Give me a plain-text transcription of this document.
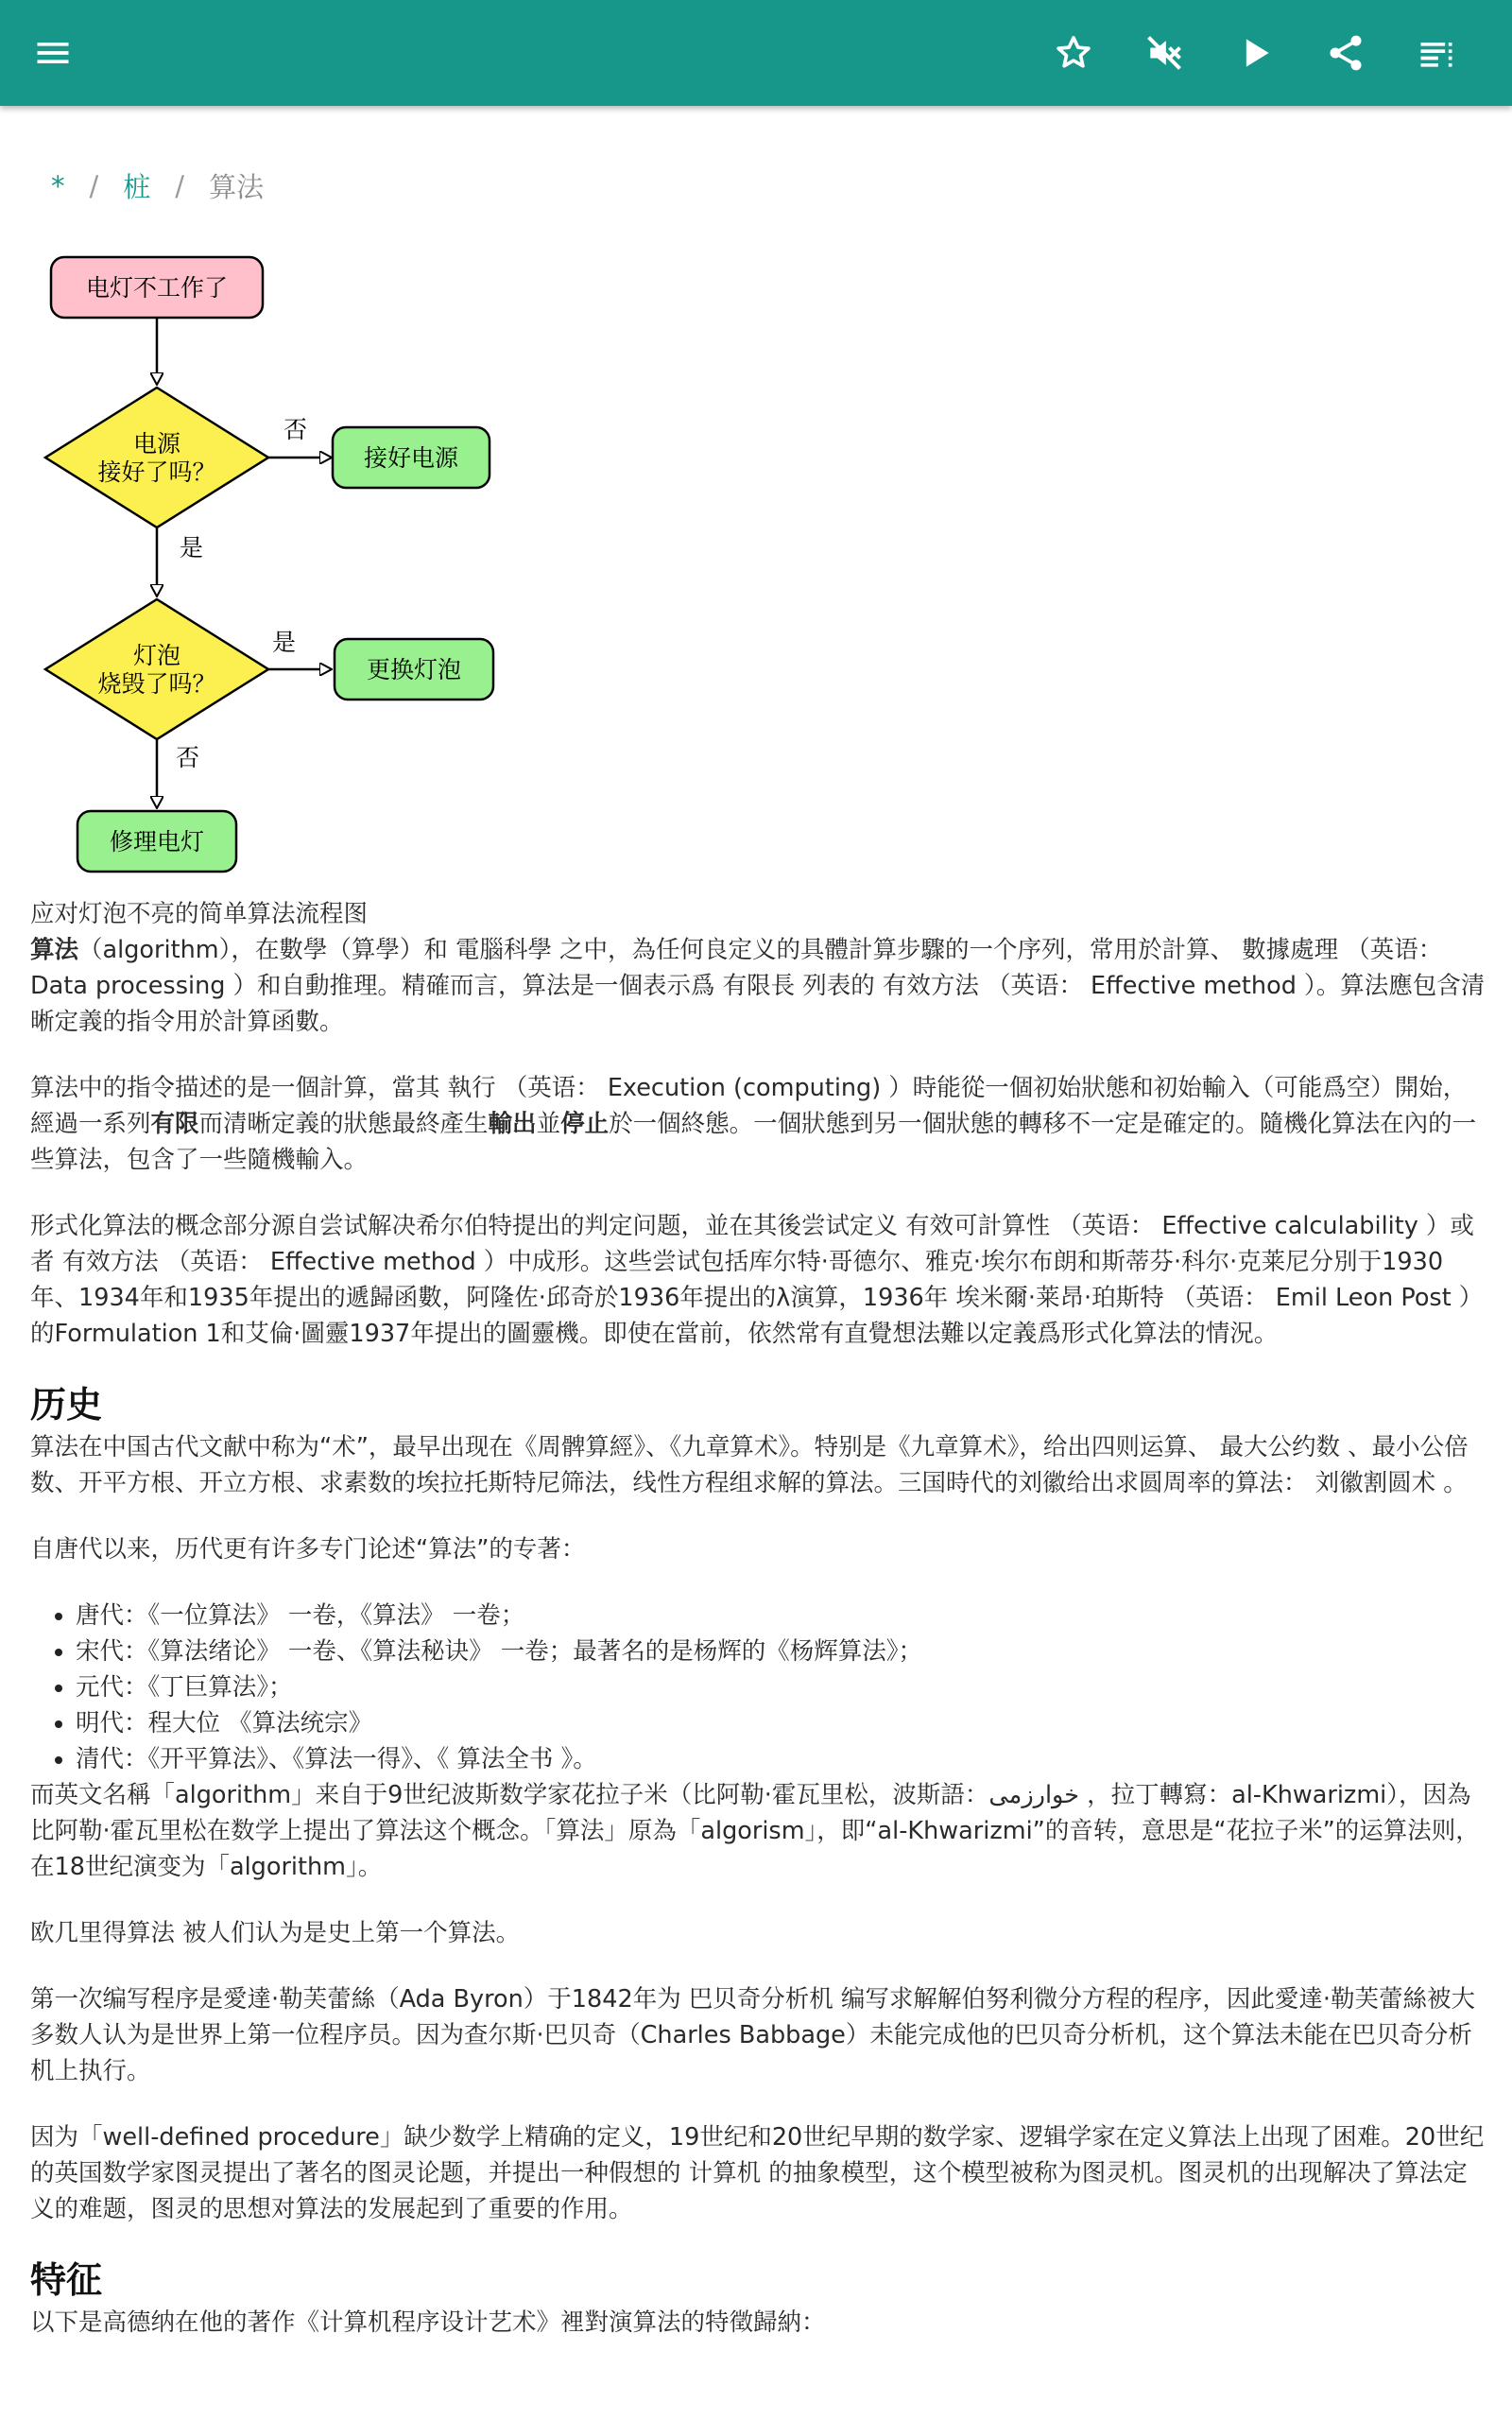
* / 桩 / 算法
电灯不工作了
电源
接好了吗？
否
接好电源
是
灯泡
烧毁了吗？
是
更换灯泡
否
修理电灯

应对灯泡不亮的简单算法流程图

算法（algorithm），在數學（算學）和 電腦科學 之中，為任何良定义的具體計算步驟的一个序列，常用於計算、 數據處理 （英语： Data processing ）和自動推理。精確而言，算法是一個表示爲 有限長 列表的 有效方法 （英语： Effective method ）。算法應包含清晰定義的指令用於計算函數。

算法中的指令描述的是一個計算，當其 執行 （英语： Execution (computing) ）時能從一個初始狀態和初始輸入（可能爲空）開始，經過一系列有限而清晰定義的狀態最終產生輸出並停止於一個終態。一個狀態到另一個狀態的轉移不一定是確定的。隨機化算法在內的一些算法，包含了一些隨機輸入。

形式化算法的概念部分源自尝试解决希尔伯特提出的判定问题，並在其後尝试定义 有效可計算性 （英语： Effective calculability ）或者 有效方法 （英语： Effective method ）中成形。这些尝试包括库尔特·哥德尔、雅克·埃尔布朗和斯蒂芬·科尔·克莱尼分別于1930年、1934年和1935年提出的遞歸函數，阿隆佐·邱奇於1936年提出的λ演算，1936年 埃米爾·莱昂·珀斯特 （英语： Emil Leon Post ）的Formulation 1和艾倫·圖靈1937年提出的圖靈機。即使在當前，依然常有直覺想法難以定義爲形式化算法的情況。

历史

算法在中国古代文献中称为“术”，最早出现在《周髀算經》、《九章算术》。特别是《九章算术》，给出四则运算、 最大公约数 、最小公倍数、开平方根、开立方根、求素数的埃拉托斯特尼筛法，线性方程组求解的算法。三国時代的刘徽给出求圆周率的算法： 刘徽割圆术 。

自唐代以来，历代更有许多专门论述“算法”的专著：

• 唐代：《一位算法》 一卷，《算法》 一卷；
• 宋代：《算法绪论》 一卷、《算法秘诀》 一卷；最著名的是杨辉的《杨辉算法》；
• 元代：《丁巨算法》；
• 明代：程大位 《算法统宗》
• 清代：《开平算法》、《算法一得》、《 算法全书 》。

而英文名稱「algorithm」来自于9世纪波斯数学家花拉子米（比阿勒·霍瓦里松，波斯語：خوارزمی ，拉丁轉寫：al-Khwarizmi），因為比阿勒·霍瓦里松在数学上提出了算法这个概念。「算法」原為「algorism」，即“al-Khwarizmi”的音转，意思是“花拉子米”的运算法则，在18世纪演变为「algorithm」。

欧几里得算法 被人们认为是史上第一个算法。

第一次编写程序是愛達·勒芙蕾絲（Ada Byron）于1842年为 巴贝奇分析机 编写求解解伯努利微分方程的程序，因此愛達·勒芙蕾絲被大多数人认为是世界上第一位程序员。因为查尔斯·巴贝奇（Charles Babbage）未能完成他的巴贝奇分析机，这个算法未能在巴贝奇分析机上执行。

因为「well-defined procedure」缺少数学上精确的定义，19世纪和20世纪早期的数学家、逻辑学家在定义算法上出现了困难。20世纪的英国数学家图灵提出了著名的图灵论题，并提出一种假想的 计算机 的抽象模型，这个模型被称为图灵机。图灵机的出现解决了算法定义的难题，图灵的思想对算法的发展起到了重要的作用。

特征

以下是高德纳在他的著作《计算机程序设计艺术》裡對演算法的特徵歸納：
